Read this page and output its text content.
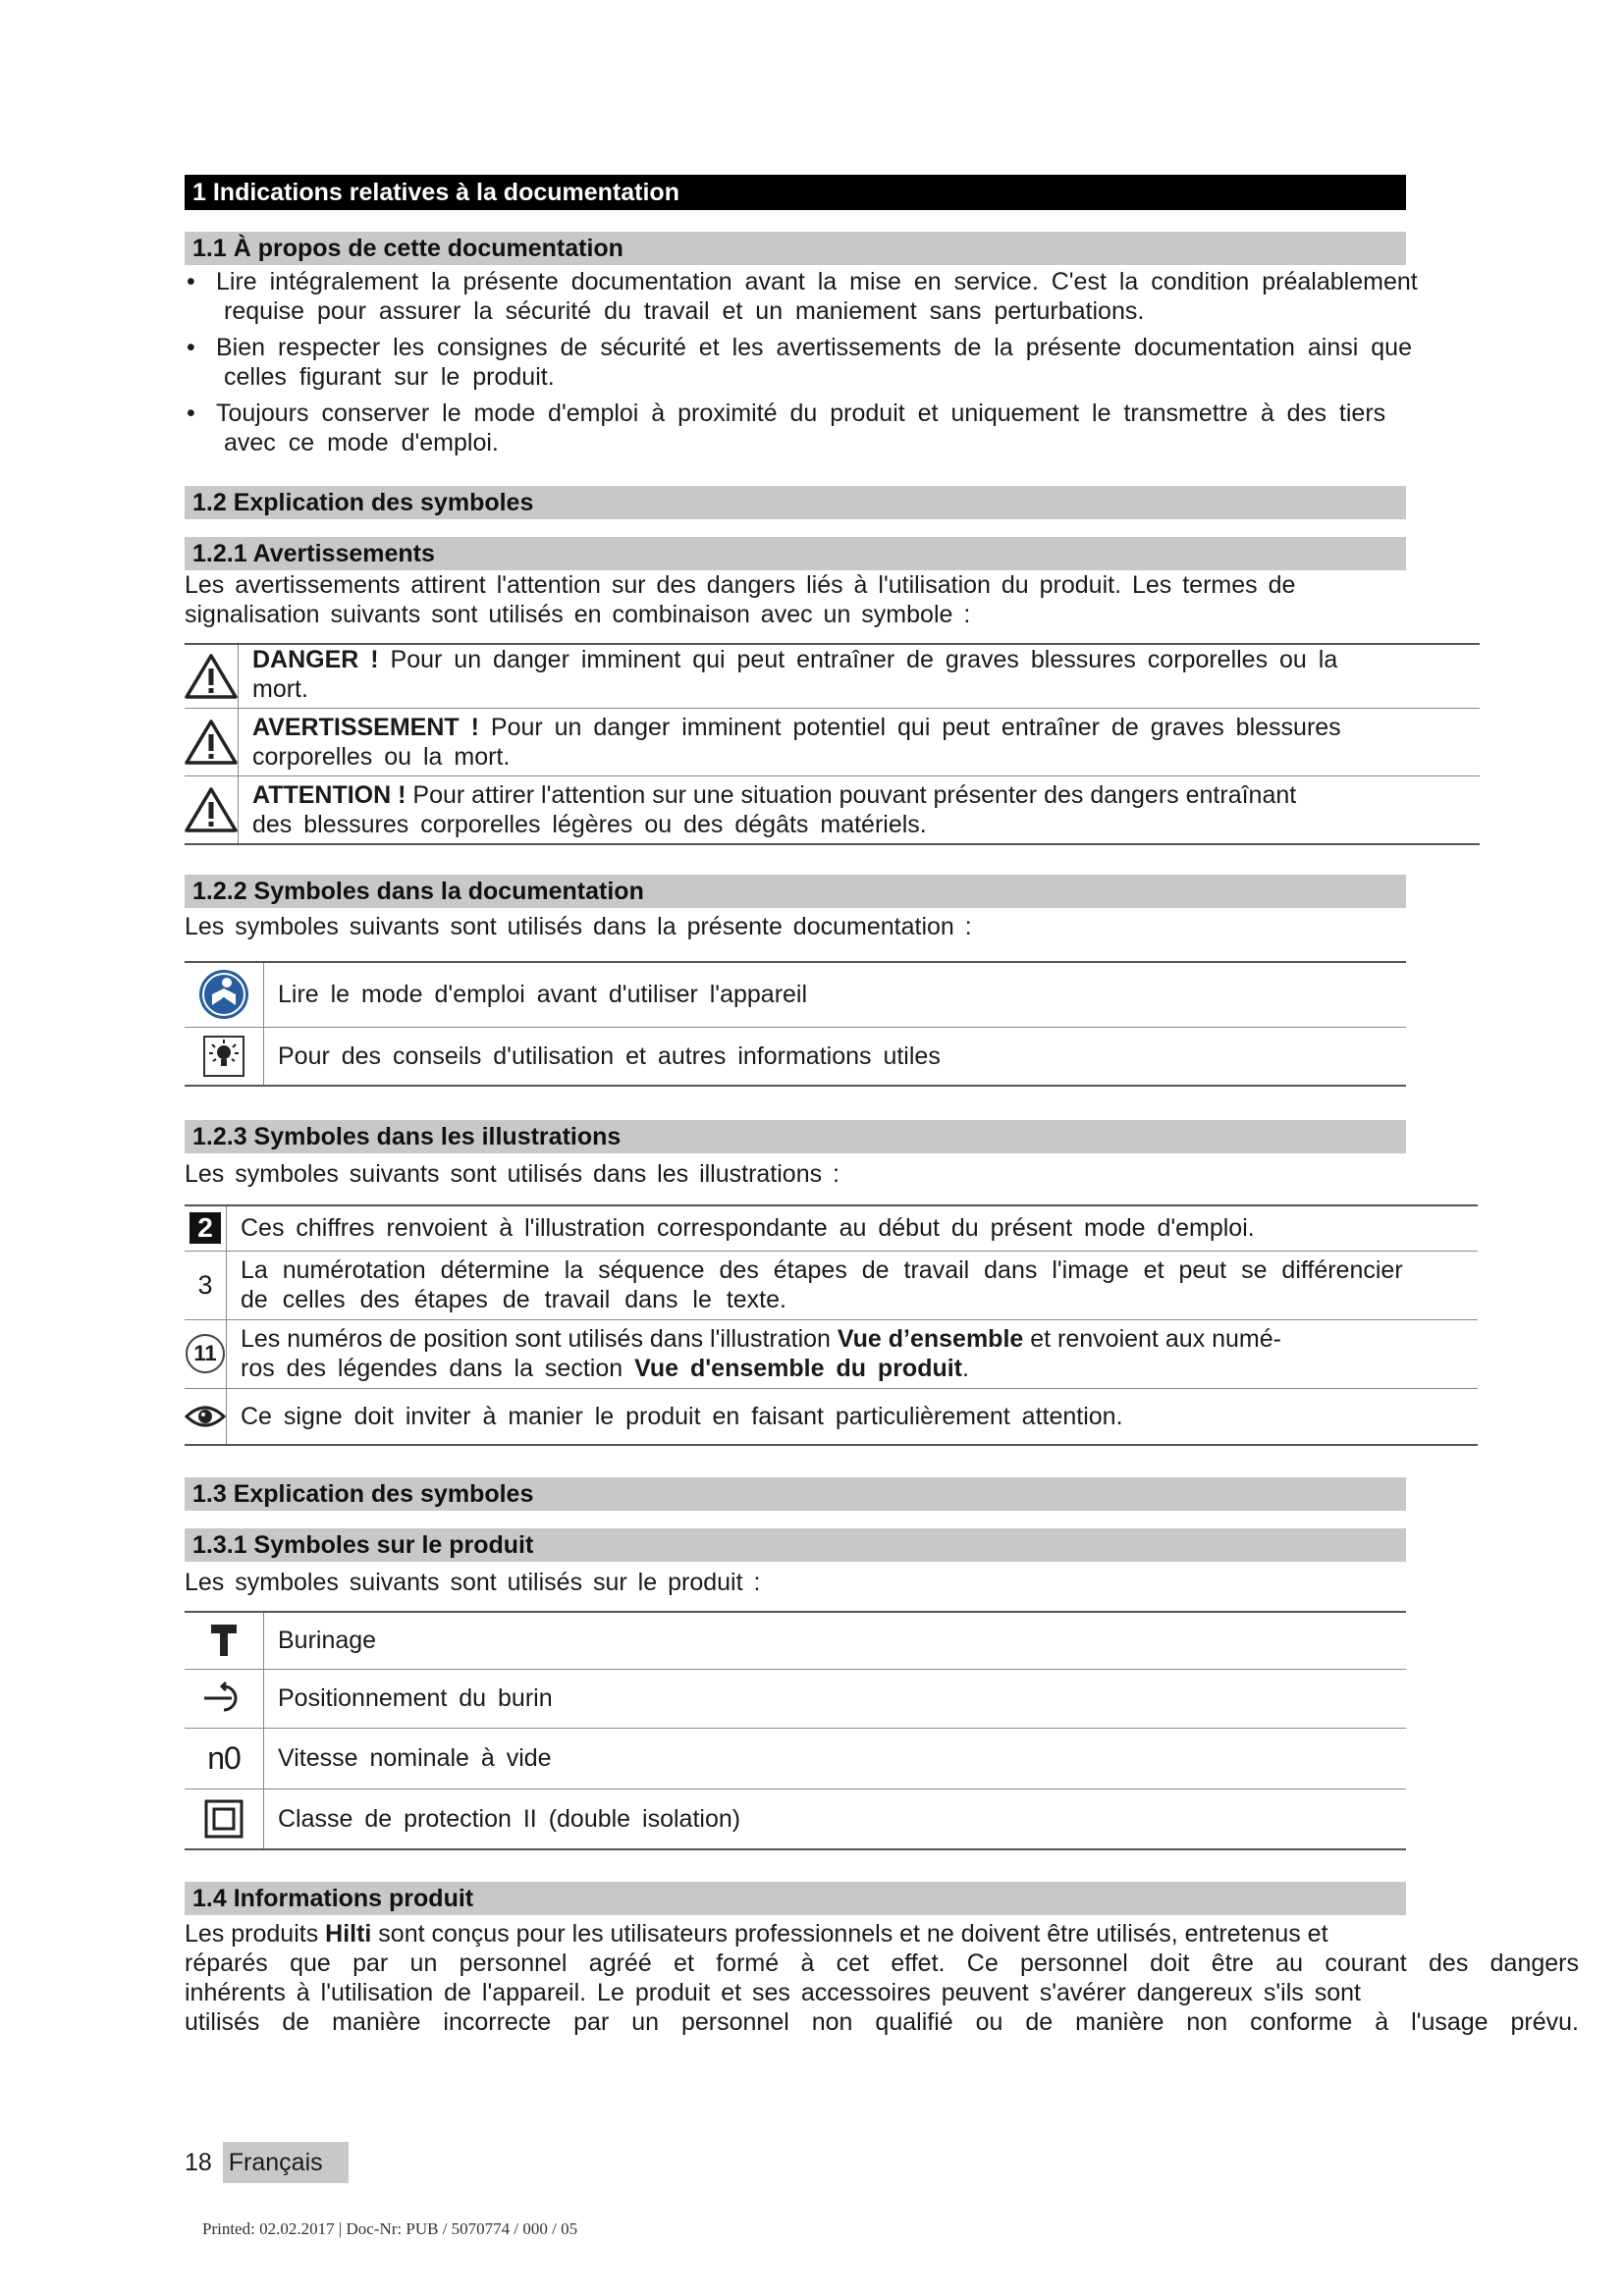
1 Indications relatives à la documentation
1.1 À propos de cette documentation
• Lire intégralement la présente documentation avant la mise en service. C'est la condition préalablement
requise pour assurer la sécurité du travail et un maniement sans perturbations.
• Bien respecter les consignes de sécurité et les avertissements de la présente documentation ainsi que
celles figurant sur le produit.
• Toujours conserver le mode d'emploi à proximité du produit et uniquement le transmettre à des tiers
avec ce mode d'emploi.
1.2 Explication des symboles
1.2.1 Avertissements

Les avertissements attirent l'attention sur des dangers liés à l'utilisation du produit. Les termes de
signalisation suivants sont utilisés en combinaison avec un symbole :

DANGER ! Pour un danger imminent qui peut entraîner de graves blessures corporelles ou la
mort.

AVERTISSEMENT ! Pour un danger imminent potentiel qui peut entraîner de graves blessures
corporelles ou la mort.

	ATTENTION ! Pour attirer l'attention sur une situation pouvant présenter des dangers entraînant
des blessures corporelles légères ou des dégâts matériels.
1.2.2 Symboles dans la documentation

Les symboles suivants sont utilisés dans la présente documentation :

	Lire le mode d'emploi avant d'utiliser l'appareil

	Pour des conseils d'utilisation et autres informations utiles
1.2.3 Symboles dans les illustrations

Les symboles suivants sont utilisés dans les illustrations :

2	Ces chiffres renvoient à l'illustration correspondante au début du présent mode d'emploi.

3	La numérotation détermine la séquence des étapes de travail dans l'image et peut se différencier
de celles des étapes de travail dans le texte.

11	Les numéros de position sont utilisés dans l'illustration Vue d’ensemble et renvoient aux numé-
ros des légendes dans la section Vue d'ensemble du produit.

	Ce signe doit inviter à manier le produit en faisant particulièrement attention.
1.3 Explication des symboles
1.3.1 Symboles sur le produit

Les symboles suivants sont utilisés sur le produit :

	Burinage

	Positionnement du burin
n0	Vitesse nominale à vide

	Classe de protection II (double isolation)
1.4 Informations produit
Les produits Hilti sont conçus pour les utilisateurs professionnels et ne doivent être utilisés, entretenus et
réparés que par un personnel agréé et formé à cet effet. Ce personnel doit être au courant des dangers
inhérents à l'utilisation de l'appareil. Le produit et ses accessoires peuvent s'avérer dangereux s'ils sont
utilisés de manière incorrecte par un personnel non qualifié ou de manière non conforme à l'usage prévu.
18 Français
Printed: 02.02.2017 | Doc-Nr: PUB / 5070774 / 000 / 05
